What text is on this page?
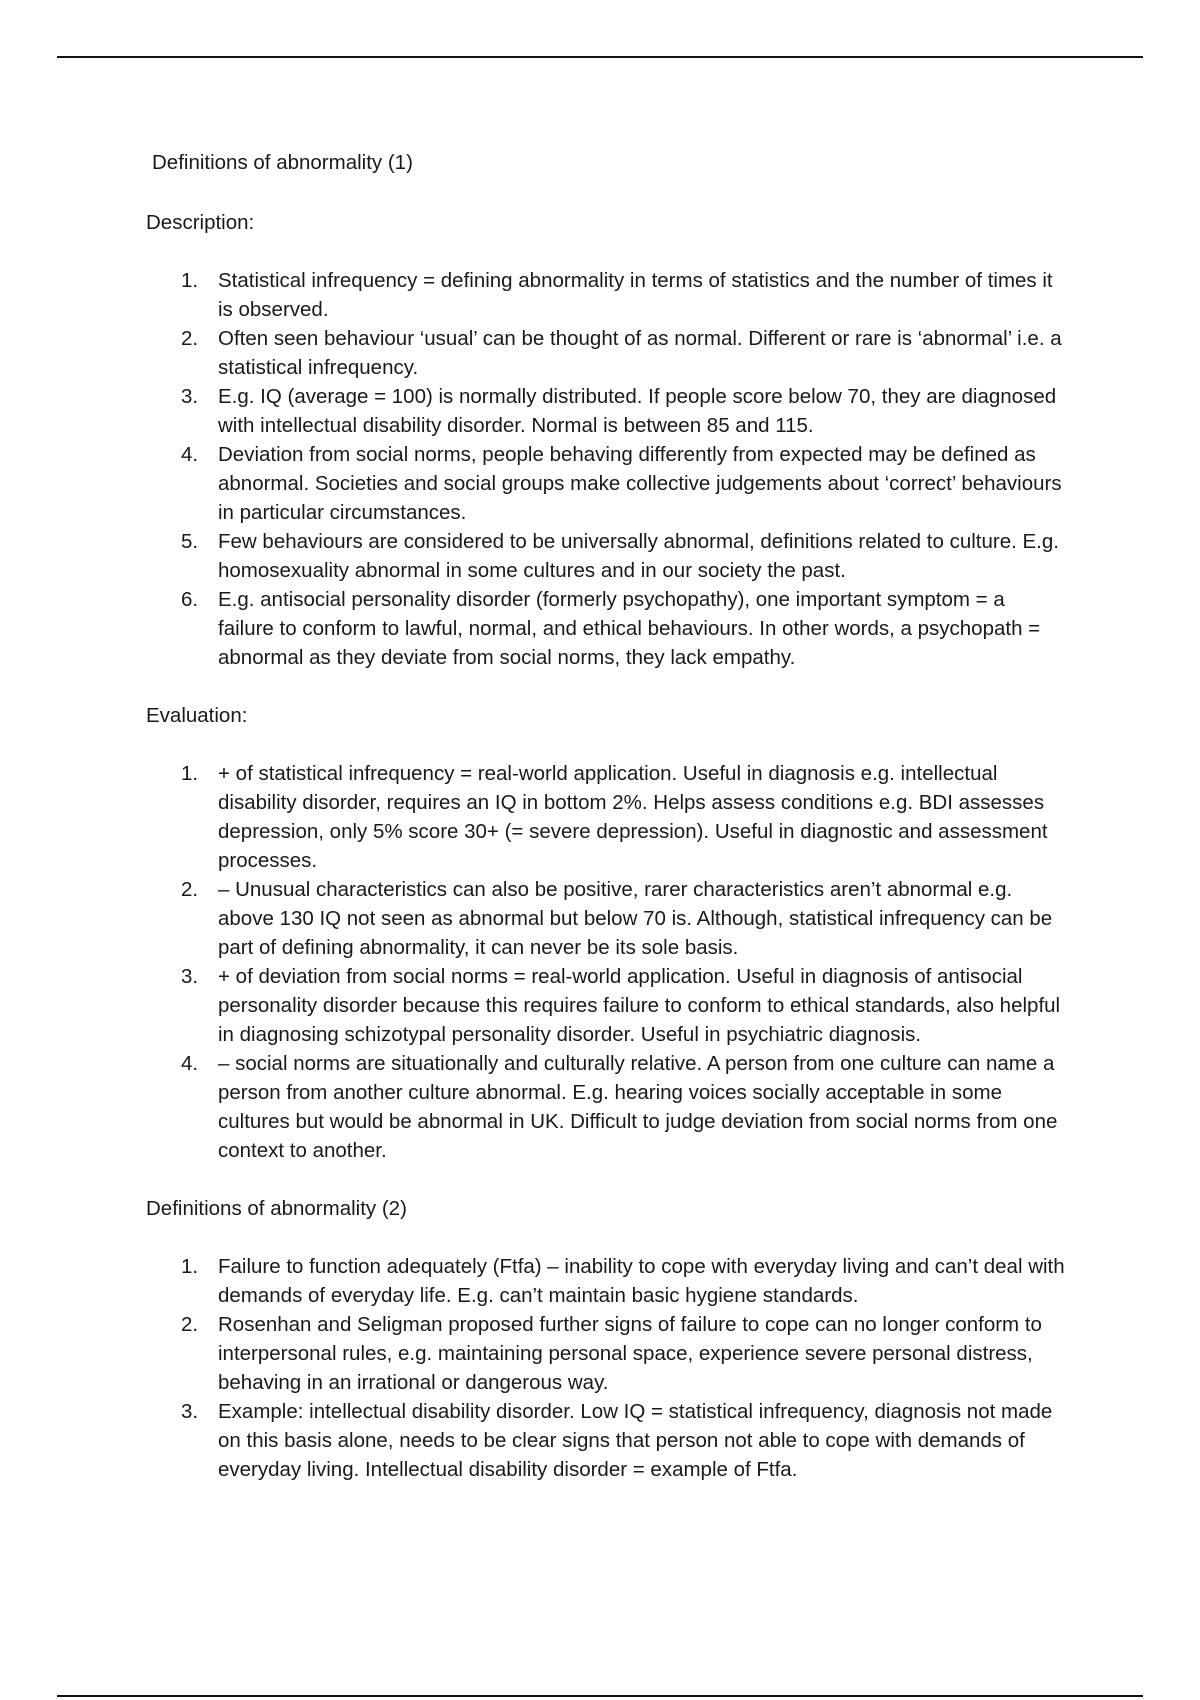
Definitions of abnormality (1)

Description:

1. Statistical infrequency = defining abnormality in terms of statistics and the number of times it is observed.
2. Often seen behaviour ‘usual’ can be thought of as normal. Different or rare is ‘abnormal’ i.e. a statistical infrequency.
3. E.g. IQ (average = 100) is normally distributed. If people score below 70, they are diagnosed with intellectual disability disorder. Normal is between 85 and 115.
4. Deviation from social norms, people behaving differently from expected may be defined as abnormal. Societies and social groups make collective judgements about ‘correct’ behaviours in particular circumstances.
5. Few behaviours are considered to be universally abnormal, definitions related to culture. E.g. homosexuality abnormal in some cultures and in our society the past.
6. E.g. antisocial personality disorder (formerly psychopathy), one important symptom = a failure to conform to lawful, normal, and ethical behaviours. In other words, a psychopath = abnormal as they deviate from social norms, they lack empathy.

Evaluation:

1. + of statistical infrequency = real-world application. Useful in diagnosis e.g. intellectual disability disorder, requires an IQ in bottom 2%. Helps assess conditions e.g. BDI assesses depression, only 5% score 30+ (= severe depression). Useful in diagnostic and assessment processes.
2. – Unusual characteristics can also be positive, rarer characteristics aren’t abnormal e.g. above 130 IQ not seen as abnormal but below 70 is. Although, statistical infrequency can be part of defining abnormality, it can never be its sole basis.
3. + of deviation from social norms = real-world application. Useful in diagnosis of antisocial personality disorder because this requires failure to conform to ethical standards, also helpful in diagnosing schizotypal personality disorder. Useful in psychiatric diagnosis.
4. – social norms are situationally and culturally relative. A person from one culture can name a person from another culture abnormal. E.g. hearing voices socially acceptable in some cultures but would be abnormal in UK. Difficult to judge deviation from social norms from one context to another.

Definitions of abnormality (2)

1. Failure to function adequately (Ftfa) – inability to cope with everyday living and can’t deal with demands of everyday life. E.g. can’t maintain basic hygiene standards.
2. Rosenhan and Seligman proposed further signs of failure to cope can no longer conform to interpersonal rules, e.g. maintaining personal space, experience severe personal distress, behaving in an irrational or dangerous way.
3. Example: intellectual disability disorder. Low IQ = statistical infrequency, diagnosis not made on this basis alone, needs to be clear signs that person not able to cope with demands of everyday living. Intellectual disability disorder = example of Ftfa.
